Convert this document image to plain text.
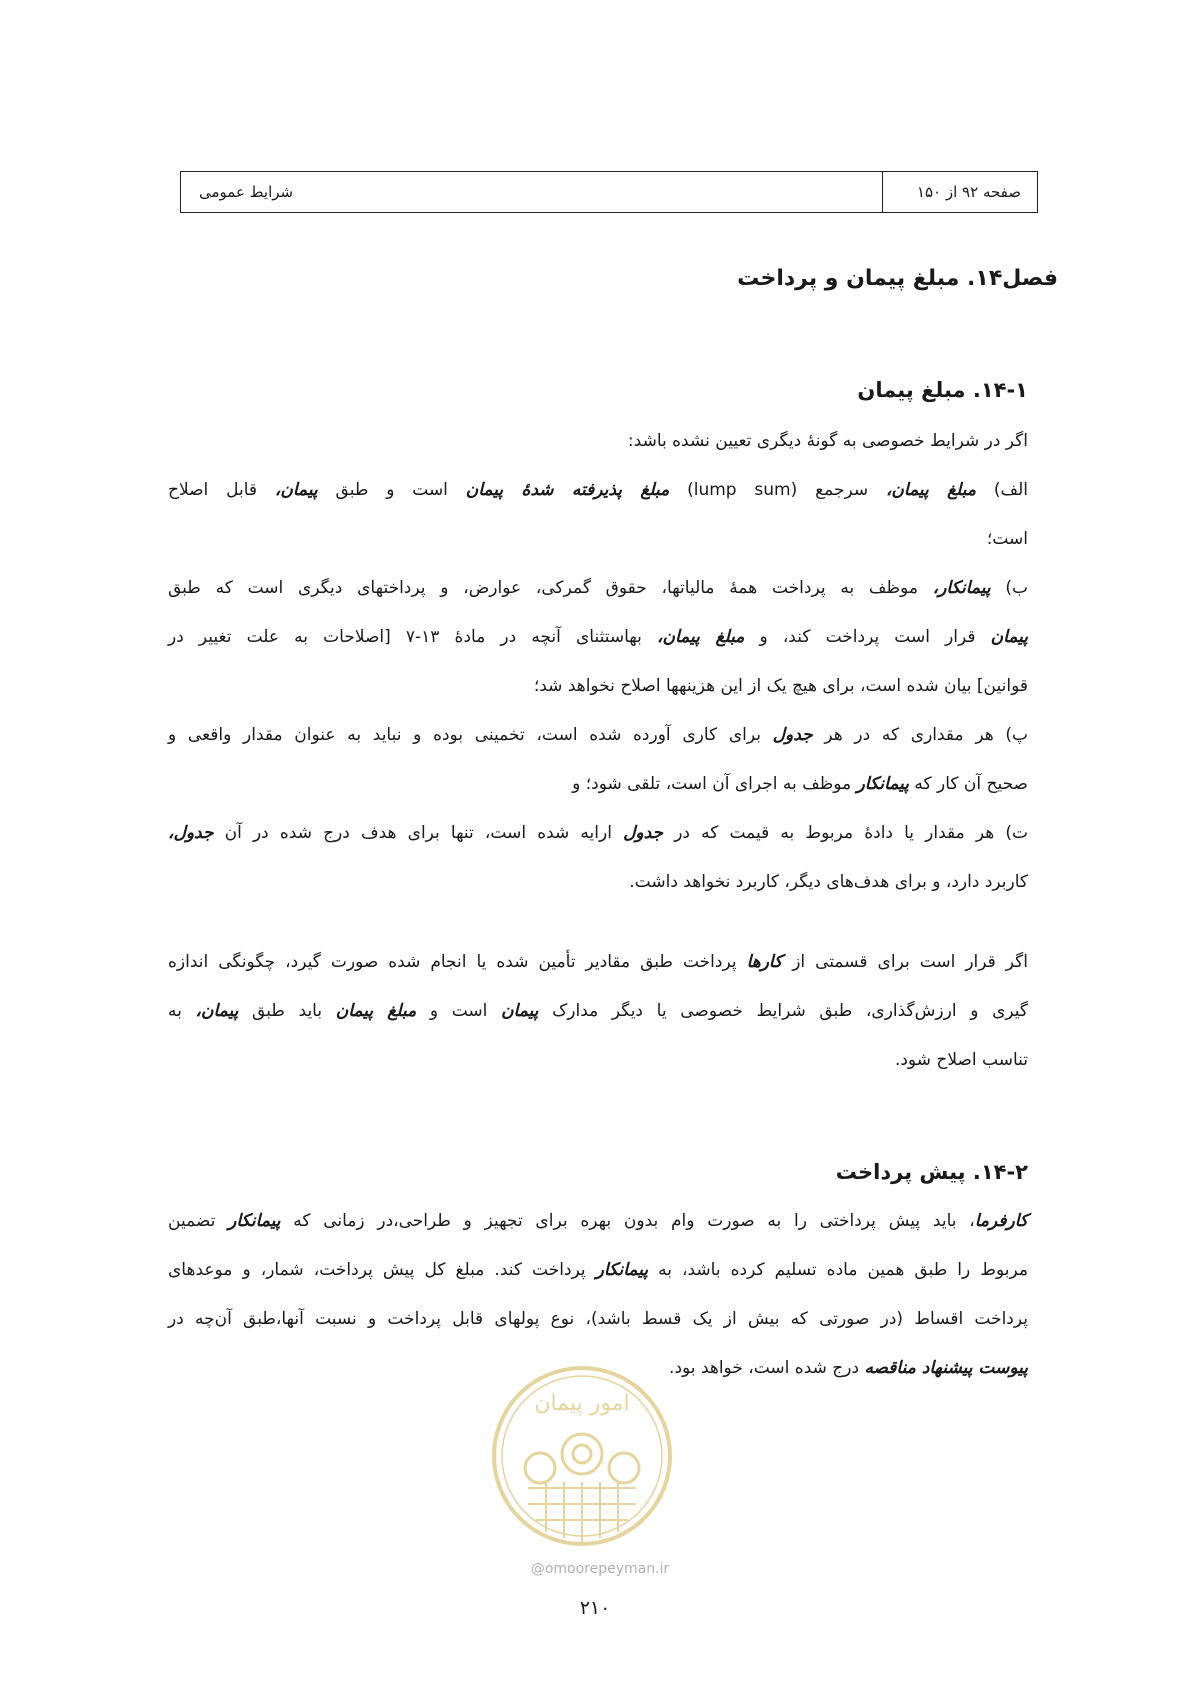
صفحه ۹۲ از ۱۵۰
شرایط عمومی
فصل۱۴. مبلغ پیمان و پرداخت
۱۴-۱. مبلغ پیمان
اگر در شرایط خصوصی به گونهٔ دیگری تعیین نشده باشد:
الف) مبلغ پیمان، سرجمع (lump sum) مبلغ پذیرفته شدهٔ پیمان است و طبق پیمان، قابل اصلاح
است؛
ب) پیمانکار، موظف به پرداخت همهٔ مالیاتها، حقوق گمرکی، عوارض، و پرداختهای دیگری است که طبق
پیمان قرار است پرداخت کند، و مبلغ پیمان، بهاستثنای آنچه در مادهٔ ۱۳-۷ [اصلاحات به علت تغییر در
قوانین] بیان شده است، برای هیچ یک از این هزینهها اصلاح نخواهد شد؛
پ) هر مقداری که در هر جدول برای کاری آورده شده است، تخمینی بوده و نباید به عنوان مقدار واقعی و
صحیح آن کار که پیمانکار موظف به اجرای آن است، تلقی شود؛ و
ت) هر مقدار یا دادهٔ مربوط به قیمت که در جدول ارایه شده است، تنها برای هدف درج شده در آن جدول،
کاربرد دارد، و برای هدف‌های دیگر، کاربرد نخواهد داشت.
اگر قرار است برای قسمتی از کارها پرداخت طبق مقادیر تأمین شده یا انجام شده صورت گیرد، چگونگی اندازه
گیری و ارزش‌گذاری، طبق شرایط خصوصی یا دیگر مدارک پیمان است و مبلغ پیمان باید طبق پیمان، به
تناسب اصلاح شود.
۱۴-۲. پیش پرداخت
کارفرما، باید پیش پرداختی را به صورت وام بدون بهره برای تجهیز و طراحی،در زمانی که پیمانکار تضمین
مربوط را طبق همین ماده تسلیم کرده باشد، به پیمانکار پرداخت کند. مبلغ کل پیش پرداخت، شمار، و موعدهای
پرداخت اقساط (در صورتی که بیش از یک قسط باشد)، نوع پولهای قابل پرداخت و نسبت آنها،طبق آن‌چه در
پیوست پیشنهاد مناقصه درج شده است، خواهد بود.
امور پیمان
@omoorepeyman.ir
۲۱۰
